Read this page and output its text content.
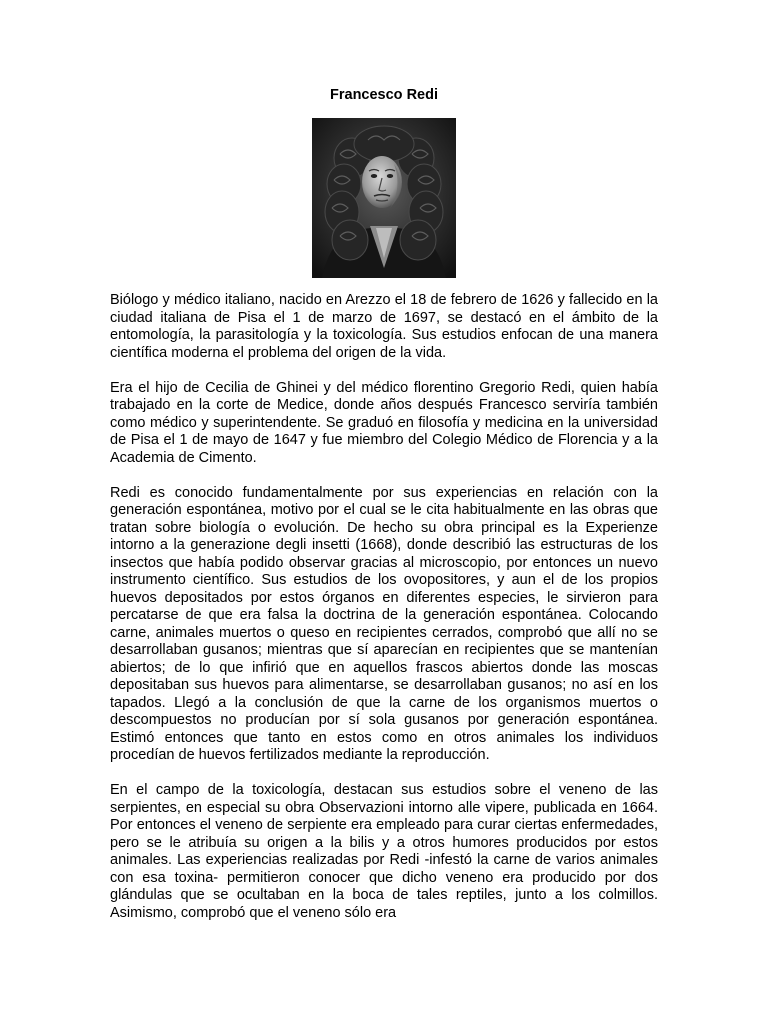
Francesco Redi

Biólogo y médico italiano, nacido en Arezzo el 18 de febrero de 1626 y fallecido en la ciudad italiana de Pisa el 1 de marzo de 1697, se destacó en el ámbito de la entomología, la parasitología y la toxicología. Sus estudios enfocan de una manera científica moderna el problema del origen de la vida.

Era el hijo de Cecilia de Ghinei y del médico florentino Gregorio Redi, quien había trabajado en la corte de Medice, donde años después Francesco serviría también como médico y superintendente. Se graduó en filosofía y medicina en la universidad de Pisa el 1 de mayo de 1647 y fue miembro del Colegio Médico de Florencia y a la Academia de Cimento.

Redi es conocido fundamentalmente por sus experiencias en relación con la generación espontánea, motivo por el cual se le cita habitualmente en las obras que tratan sobre biología o evolución. De hecho su obra principal es la Experienze intorno a la generazione degli insetti (1668), donde describió las estructuras de los insectos que había podido observar gracias al microscopio, por entonces un nuevo instrumento científico. Sus estudios de los ovopositores, y aun el de los propios huevos depositados por estos órganos en diferentes especies, le sirvieron para percatarse de que era falsa la doctrina de la generación espontánea. Colocando carne, animales muertos o queso en recipientes cerrados, comprobó que allí no se desarrollaban gusanos; mientras que sí aparecían en recipientes que se mantenían abiertos; de lo que infirió que en aquellos frascos abiertos donde las moscas depositaban sus huevos para alimentarse, se desarrollaban gusanos; no así en los tapados. Llegó a la conclusión de que la carne de los organismos muertos o descompuestos no producían por sí sola gusanos por generación espontánea. Estimó entonces que tanto en estos como en otros animales los individuos procedían de huevos fertilizados mediante la reproducción.

En el campo de la toxicología, destacan sus estudios sobre el veneno de las serpientes, en especial su obra Observazioni intorno alle vipere, publicada en 1664. Por entonces el veneno de serpiente era empleado para curar ciertas enfermedades, pero se le atribuía su origen a la bilis y a otros humores producidos por estos animales. Las experiencias realizadas por Redi -infestó la carne de varios animales con esa toxina- permitieron conocer que dicho veneno era producido por dos glándulas que se ocultaban en la boca de tales reptiles, junto a los colmillos. Asimismo, comprobó que el veneno sólo era
